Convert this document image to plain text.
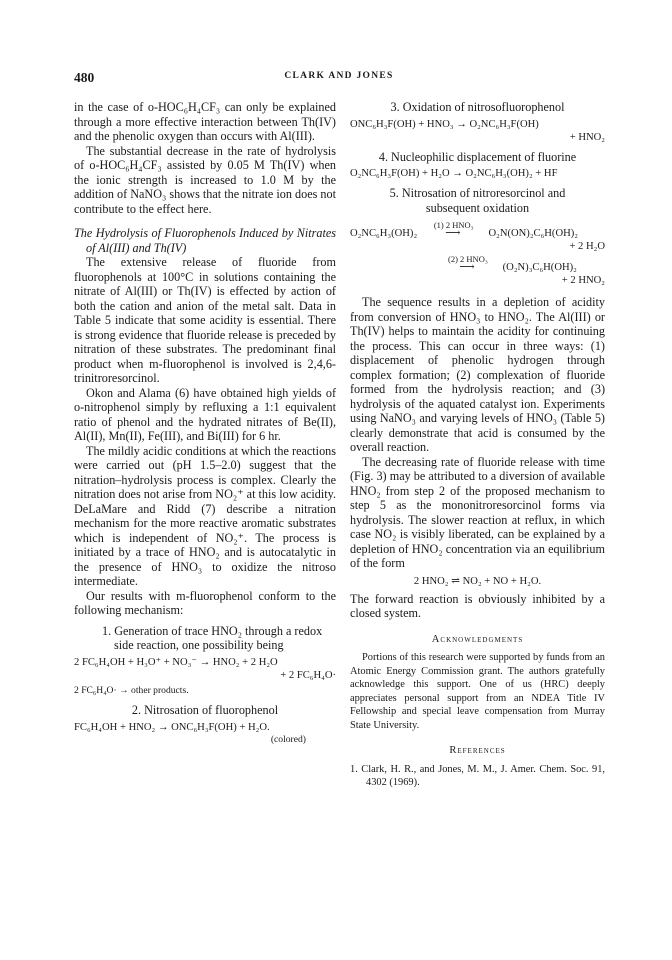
480	CLARK AND JONES

in the case of o-HOC₆H₄CF₃ can only be explained through a more effective interaction between Th(IV) and the phenolic oxygen than occurs with Al(III).

The substantial decrease in the rate of hydrolysis of o-HOC₆H₄CF₃ assisted by 0.05 M Th(IV) when the ionic strength is increased to 1.0 M by the addition of NaNO₃ shows that the nitrate ion does not contribute to the effect here.

The Hydrolysis of Fluorophenols Induced by Nitrates of Al(III) and Th(IV)

The extensive release of fluoride from fluorophenols at 100°C in solutions containing the nitrate of Al(III) or Th(IV) is effected by action of both the cation and anion of the metal salt. Data in Table 5 indicate that some acidity is essential. There is strong evidence that fluoride release is preceded by nitration of these substrates. The predominant final product when m-fluorophenol is involved is 2,4,6-trinitroresorcinol.

Okon and Alama (6) have obtained high yields of o-nitrophenol simply by refluxing a 1:1 equivalent ratio of phenol and the hydrated nitrates of Be(II), Al(II), Mn(II), Fe(III), and Bi(III) for 6 hr.

The mildly acidic conditions at which the reactions were carried out (pH 1.5–2.0) suggest that the nitration–hydrolysis process is complex. Clearly the nitration does not arise from NO₂⁺ at this low acidity. DeLaMare and Ridd (7) describe a nitration mechanism for the more reactive aromatic substrates which is independent of NO₂⁺. The process is initiated by a trace of HNO₂ and is autocatalytic in the presence of HNO₃ to oxidize the nitroso intermediate.

Our results with m-fluorophenol conform to the following mechanism:

1. Generation of trace HNO₂ through a redox side reaction, one possibility being

2 FC₆H₄OH + H₃O⁺ + NO₃⁻ → HNO₂ + 2 H₂O
+ 2 FC₆H₄O·
2 FC₆H₄O· → other products.

2. Nitrosation of fluorophenol

FC₆H₄OH + HNO₂ → ONC₆H₃F(OH) + H₂O.
(colored)

3. Oxidation of nitrosofluorophenol

ONC₆H₃F(OH) + HNO₃ → O₂NC₆H₃F(OH)
+ HNO₂

4. Nucleophilic displacement of fluorine

O₂NC₆H₃F(OH) + H₂O → O₂NC₆H₃(OH)₂ + HF

5. Nitrosation of nitroresorcinol and

subsequent oxidation

O₂NC₆H₃(OH)₂
(1) 2 HNO₃
⟶	O₂N(ON)₂C₆H(OH)₂
+ 2 H₂O
(2) 2 HNO₃
⟶	(O₂N)₃C₆H(OH)₂
+ 2 HNO₂

The sequence results in a depletion of acidity from conversion of HNO₃ to HNO₂. The Al(III) or Th(IV) helps to maintain the acidity for continuing the process. This can occur in three ways: (1) displacement of phenolic hydrogen through complex formation; (2) complexation of fluoride formed from the hydrolysis reaction; and (3) hydrolysis of the aquated catalyst ion. Experiments using NaNO₃ and varying levels of HNO₃ (Table 5) clearly demonstrate that acid is consumed by the overall reaction.

The decreasing rate of fluoride release with time (Fig. 3) may be attributed to a diversion of available HNO₂ from step 2 of the proposed mechanism to step 5 as the mononitroresorcinol forms via hydrolysis. The slower reaction at reflux, in which case NO₂ is visibly liberated, can be explained by a depletion of HNO₂ concentration via an equilibrium of the form

2 HNO₂ ⇌ NO₂ + NO + H₂O.

The forward reaction is obviously inhibited by a closed system.

Acknowledgments

Portions of this research were supported by funds from an Atomic Energy Commission grant. The authors gratefully acknowledge this support. One of us (HRC) deeply appreciates personal support from an NDEA Title IV Fellowship and special leave compensation from Murray State University.

References

1. Clark, H. R., and Jones, M. M., J. Amer. Chem. Soc. 91, 4302 (1969).
